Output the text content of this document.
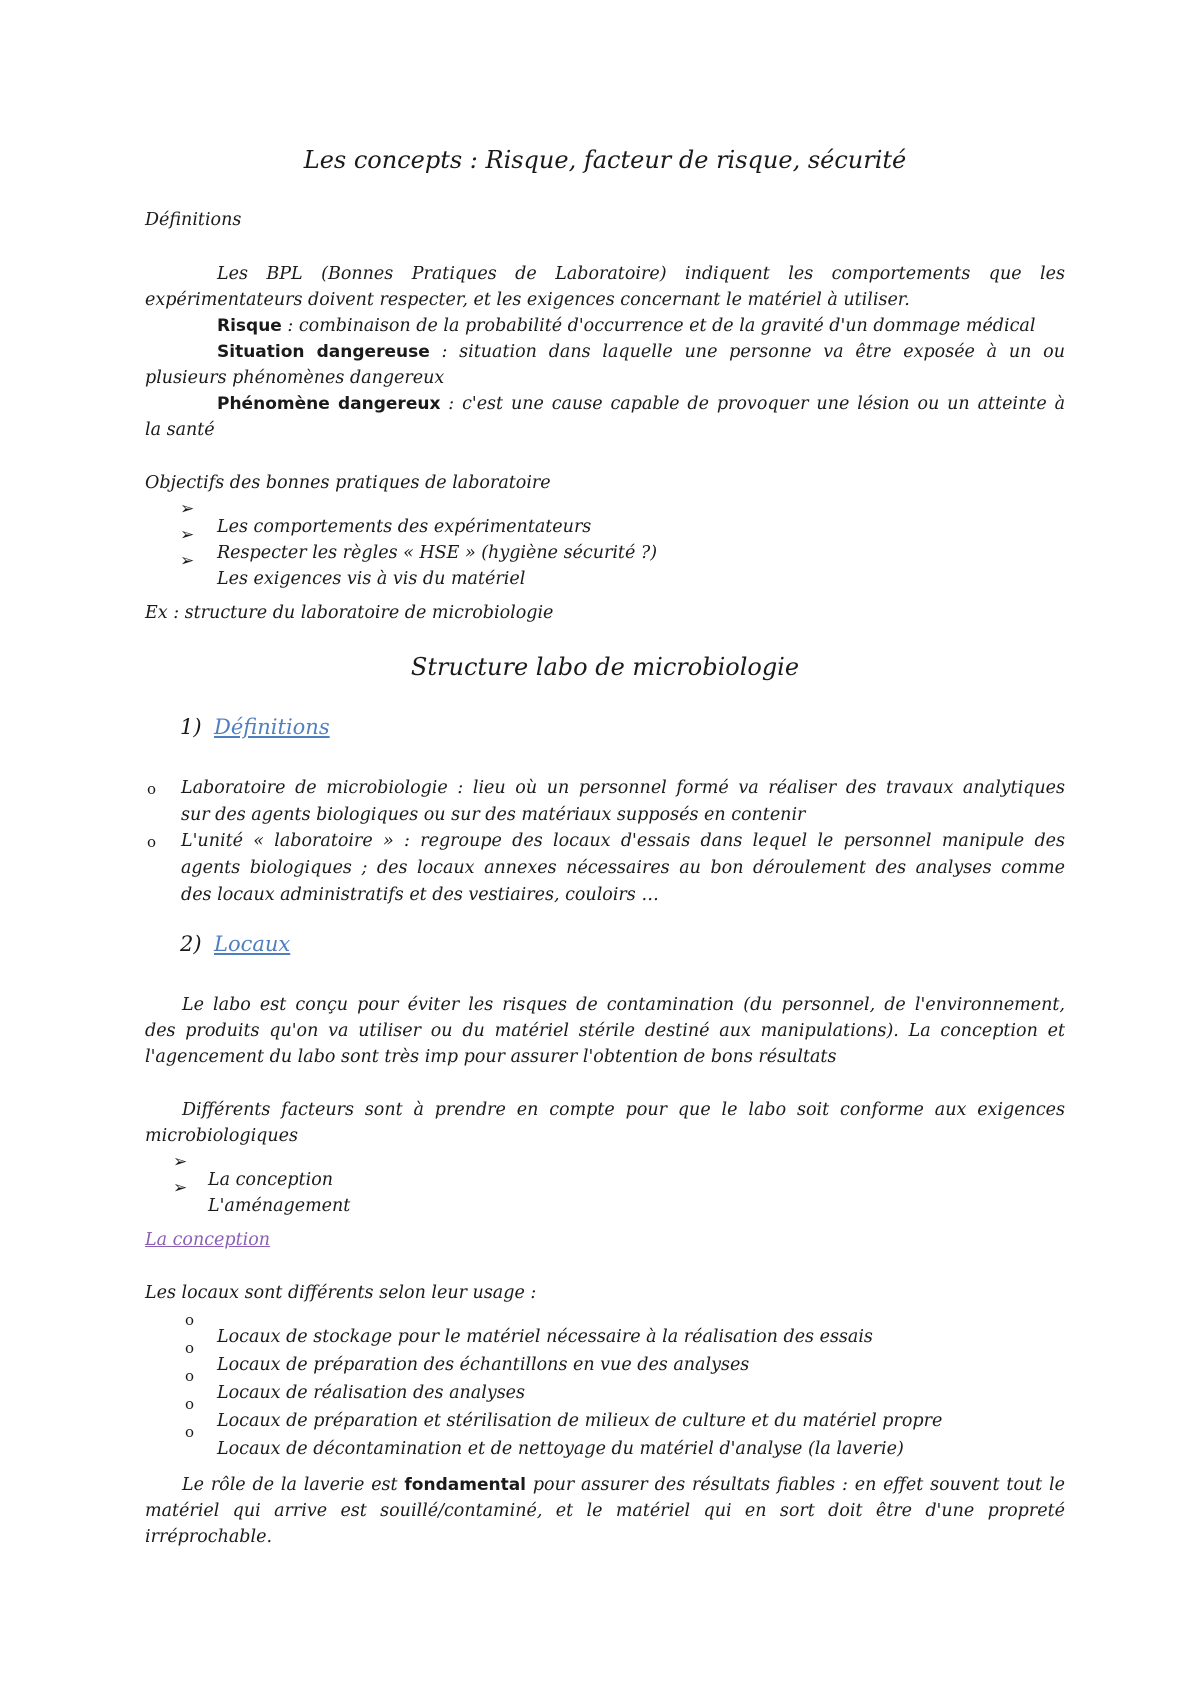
Les concepts : Risque, facteur de risque, sécurité

Définitions

Les BPL (Bonnes Pratiques de Laboratoire) indiquent les comportements que les

expérimentateurs doivent respecter, et les exigences concernant le matériel à utiliser.

Risque : combinaison de la probabilité d'occurrence et de la gravité d'un dommage médical

Situation dangereuse : situation dans laquelle une personne va être exposée à un ou

plusieurs phénomènes dangereux

Phénomène dangereux : c'est une cause capable de provoquer une lésion ou un atteinte à

la santé

Objectifs des bonnes pratiques de laboratoire

➢

Les comportements des expérimentateurs

➢

Respecter les règles « HSE » (hygiène sécurité ?)

➢

Les exigences vis à vis du matériel

Ex : structure du laboratoire de microbiologie

Structure labo de microbiologie

1) Définitions

o Laboratoire de microbiologie : lieu où un personnel formé va réaliser des travaux analytiques

sur des agents biologiques ou sur des matériaux supposés en contenir

o L'unité « laboratoire » : regroupe des locaux d'essais dans lequel le personnel manipule des

agents biologiques ; des locaux annexes nécessaires au bon déroulement des analyses comme

des locaux administratifs et des vestiaires, couloirs …

2) Locaux

Le labo est conçu pour éviter les risques de contamination (du personnel, de l'environnement,

des produits qu'on va utiliser ou du matériel stérile destiné aux manipulations). La conception et

l'agencement du labo sont très imp pour assurer l'obtention de bons résultats

Différents facteurs sont à prendre en compte pour que le labo soit conforme aux exigences

microbiologiques

➢

La conception

➢

L'aménagement

La conception

Les locaux sont différents selon leur usage :

o

Locaux de stockage pour le matériel nécessaire à la réalisation des essais

o

Locaux de préparation des échantillons en vue des analyses

o

Locaux de réalisation des analyses

o

Locaux de préparation et stérilisation de milieux de culture et du matériel propre

o

Locaux de décontamination et de nettoyage du matériel d'analyse (la laverie)

Le rôle de la laverie est fondamental pour assurer des résultats fiables : en effet souvent tout le

matériel qui arrive est souillé/contaminé, et le matériel qui en sort doit être d'une propreté

irréprochable.
